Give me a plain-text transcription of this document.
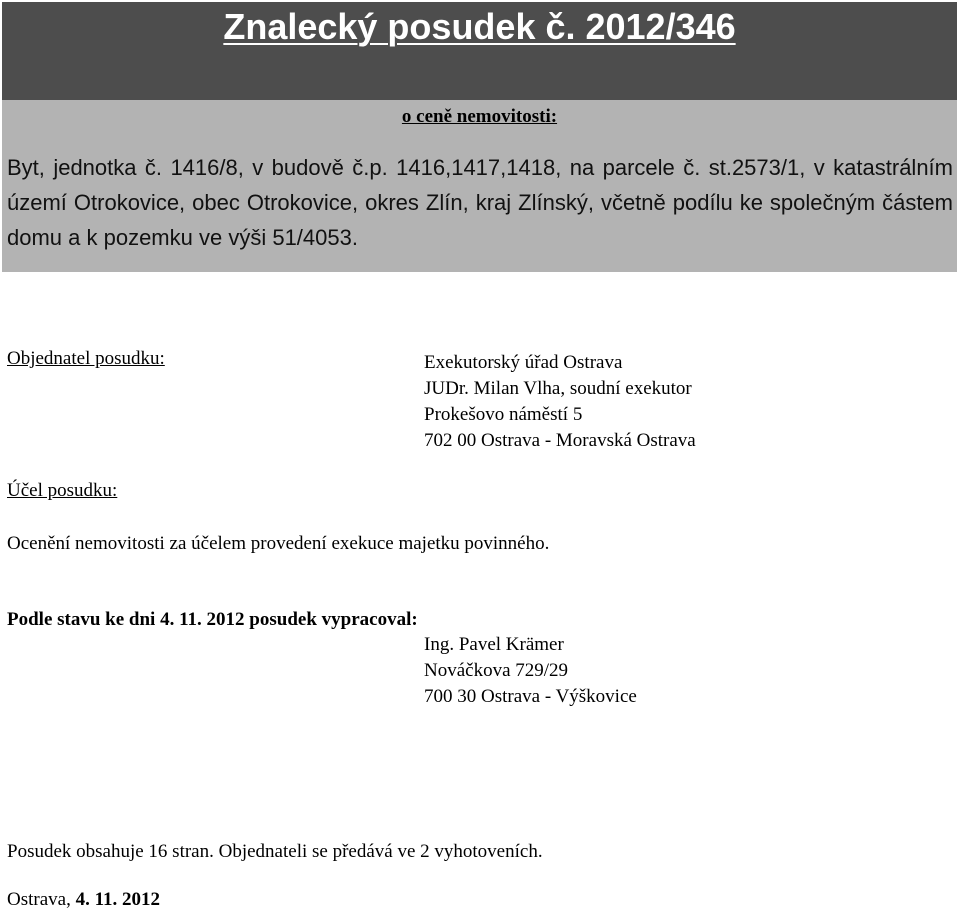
Znalecký posudek č. 2012/346
o ceně nemovitosti:

Byt, jednotka č. 1416/8, v budově č.p. 1416,1417,1418, na parcele č. st.2573/1, v katastrálním území Otrokovice, obec Otrokovice, okres Zlín, kraj Zlínský, včetně podílu ke společným částem domu a k pozemku ve výši 51/4053.

Objednatel posudku:	Exekutorský úřad Ostrava
JUDr. Milan Vlha, soudní exekutor
Prokešovo náměstí 5
702 00 Ostrava - Moravská Ostrava
Účel posudku:
Ocenění nemovitosti za účelem provedení exekuce majetku povinného.
Podle stavu ke dni 4. 11. 2012 posudek vypracoval:
Ing. Pavel Krämer
Nováčkova 729/29
700 30 Ostrava - Výškovice
Posudek obsahuje 16 stran. Objednateli se předává ve 2 vyhotoveních.
Ostrava, 4. 11. 2012
